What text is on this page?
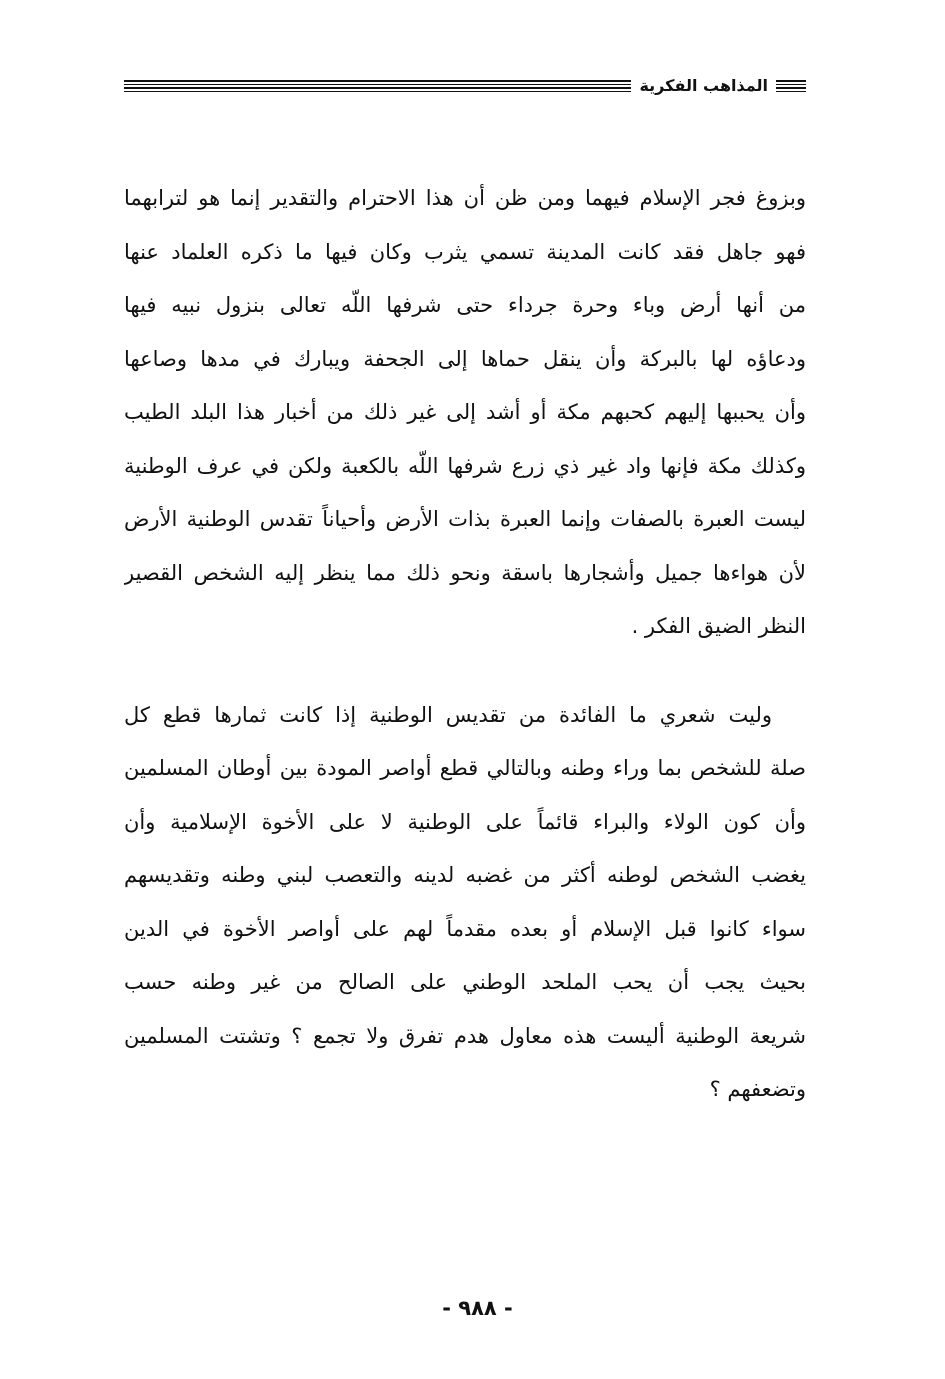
المذاهب الفكرية
وبزوغ فجر الإسلام فيهما ومن ظن أن هذا الاحترام والتقدير إنما هو لترابهما
فهو جاهل فقد كانت المدينة تسمي يثرب وكان فيها ما ذكره العلماد عنها
من أنها أرض وباء وحرة جرداء حتى شرفها اللّه تعالى بنزول نبيه فيها
ودعاؤه لها بالبركة وأن ينقل حماها إلى الجحفة ويبارك في مدها وصاعها
وأن يحببها إليهم كحبهم مكة أو أشد إلى غير ذلك من أخبار هذا البلد الطيب
وكذلك مكة فإنها واد غير ذي زرع شرفها اللّه بالكعبة ولكن في عرف الوطنية
ليست العبرة بالصفات وإنما العبرة بذات الأرض وأحياناً تقدس الوطنية الأرض
لأن هواءها جميل وأشجارها باسقة ونحو ذلك مما ينظر إليه الشخص القصير
النظر الضيق الفكر .
وليت شعري ما الفائدة من تقديس الوطنية إذا كانت ثمارها قطع كل
صلة للشخص بما وراء وطنه وبالتالي قطع أواصر المودة بين أوطان المسلمين
وأن كون الولاء والبراء قائماً على الوطنية لا على الأخوة الإسلامية وأن
يغضب الشخص لوطنه أكثر من غضبه لدينه والتعصب لبني وطنه وتقديسهم
سواء كانوا قبل الإسلام أو بعده مقدماً لهم على أواصر الأخوة في الدين
بحيث يجب أن يحب الملحد الوطني على الصالح من غير وطنه حسب
شريعة الوطنية أليست هذه معاول هدم تفرق ولا تجمع ؟ وتشتت المسلمين
وتضعفهم ؟
- ٩٨٨ -
